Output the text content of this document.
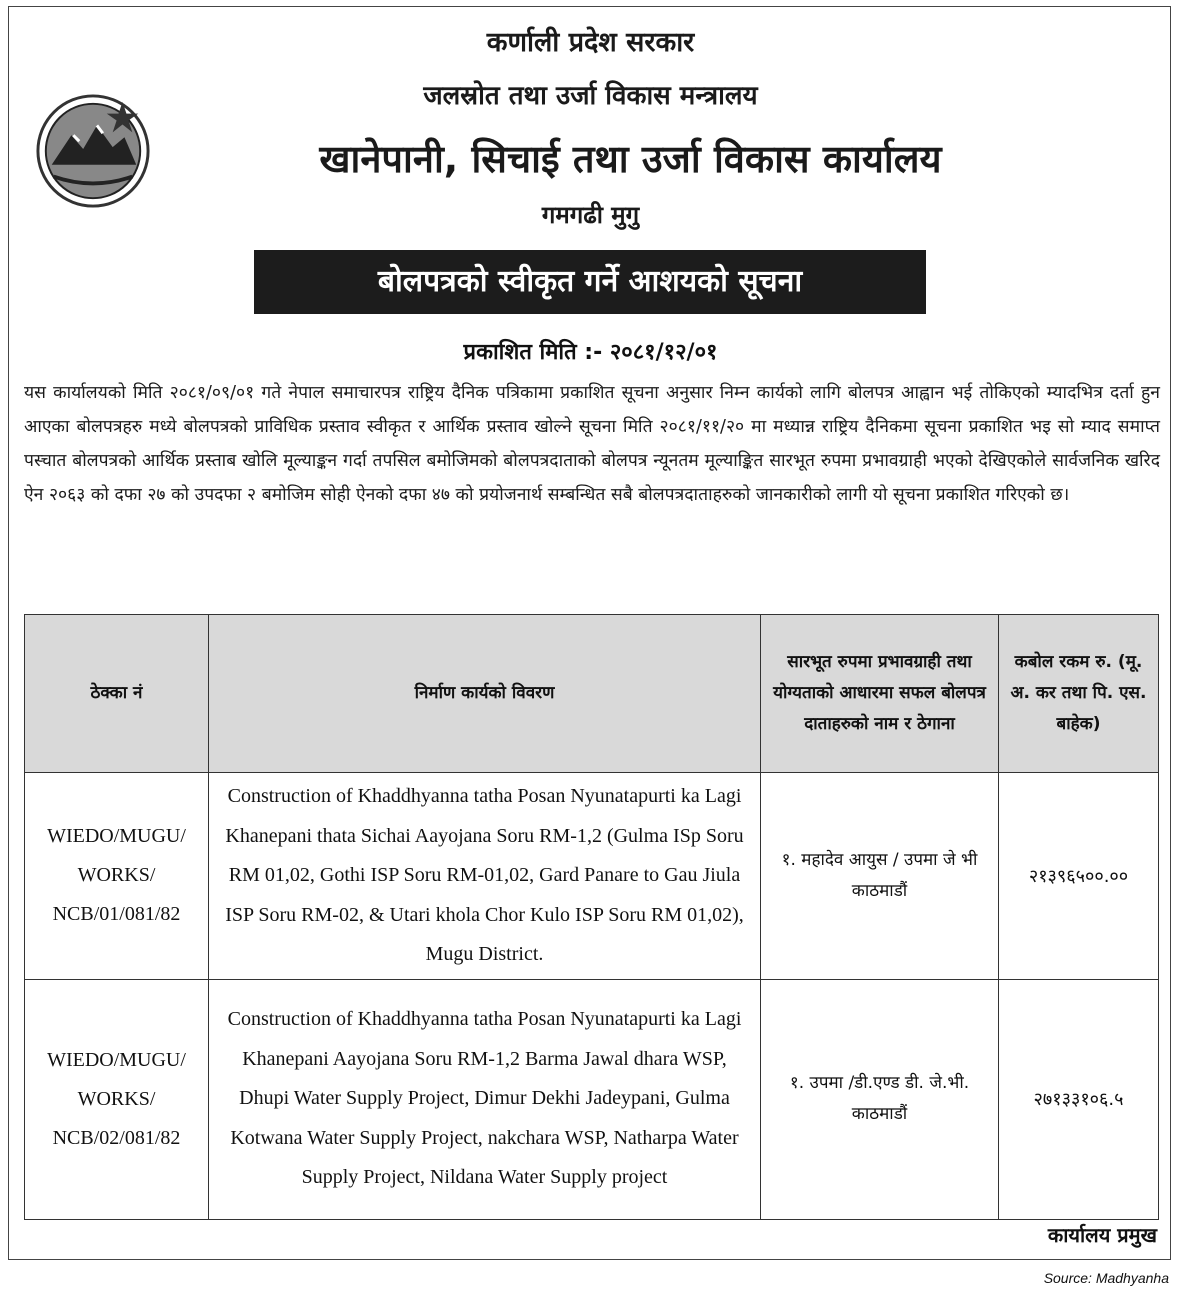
कर्णाली प्रदेश सरकार
जलस्रोत तथा उर्जा विकास मन्त्रालय
खानेपानी, सिचाई तथा उर्जा विकास कार्यालय
गमगढी मुगु
बोलपत्रको स्वीकृत गर्ने आशयको सूचना
प्रकाशित मिति :- २०८१/१२/०१
यस कार्यालयको मिति २०८१/०९/०१ गते नेपाल समाचारपत्र राष्ट्रिय दैनिक पत्रिकामा प्रकाशित सूचना अनुसार निम्न कार्यको लागि बोलपत्र आह्वान भई तोकिएको म्यादभित्र दर्ता हुन आएका बोलपत्रहरु मध्ये बोलपत्रको प्राविधिक प्रस्ताव स्वीकृत र आर्थिक प्रस्ताव खोल्ने सूचना मिति २०८१/११/२० मा मध्यान्न राष्ट्रिय दैनिकमा सूचना प्रकाशित भइ सो म्याद समाप्त पस्चात बोलपत्रको आर्थिक प्रस्ताब खोलि मूल्याङ्कन गर्दा तपसिल बमोजिमको बोलपत्रदाताको बोलपत्र न्यूनतम मूल्याङ्कित सारभूत रुपमा प्रभावग्राही भएको देखिएकोले सार्वजनिक खरिद ऐन २०६३ को दफा २७ को उपदफा २ बमोजिम सोही ऐनको दफा ४७ को प्रयोजनार्थ सम्बन्धित सबै बोलपत्रदाताहरुको जानकारीको लागी यो सूचना प्रकाशित गरिएको छ।
ठेक्का नं	निर्माण कार्यको विवरण	सारभूत रुपमा प्रभावग्राही तथा योग्यताको आधारमा सफल बोलपत्र दाताहरुको नाम र ठेगाना	कबोल रकम रु. (मू. अ. कर तथा पि. एस. बाहेक)
WIEDO/MUGU/ WORKS/ NCB/01/081/82	Construction of Khaddhyanna tatha Posan Nyunatapurti ka Lagi Khanepani thata Sichai Aayojana Soru RM-1,2 (Gulma ISp Soru RM 01,02, Gothi ISP Soru RM-01,02, Gard Panare to Gau Jiula ISP Soru RM-02, & Utari khola Chor Kulo ISP Soru RM 01,02), Mugu District.	१. महादेव आयुस / उपमा जे भी काठमाडौं	२१३९६५००.००
WIEDO/MUGU/ WORKS/ NCB/02/081/82	Construction of Khaddhyanna tatha Posan Nyunatapurti ka Lagi Khanepani Aayojana Soru RM-1,2 Barma Jawal dhara WSP, Dhupi Water Supply Project, Dimur Dekhi Jadeypani, Gulma Kotwana Water Supply Project, nakchara WSP, Natharpa Water Supply Project, Nildana Water Supply project	१. उपमा /डी.एण्ड डी. जे.भी. काठमाडौं	२७१३३१०६.५
कार्यालय प्रमुख
Source: Madhyanha
